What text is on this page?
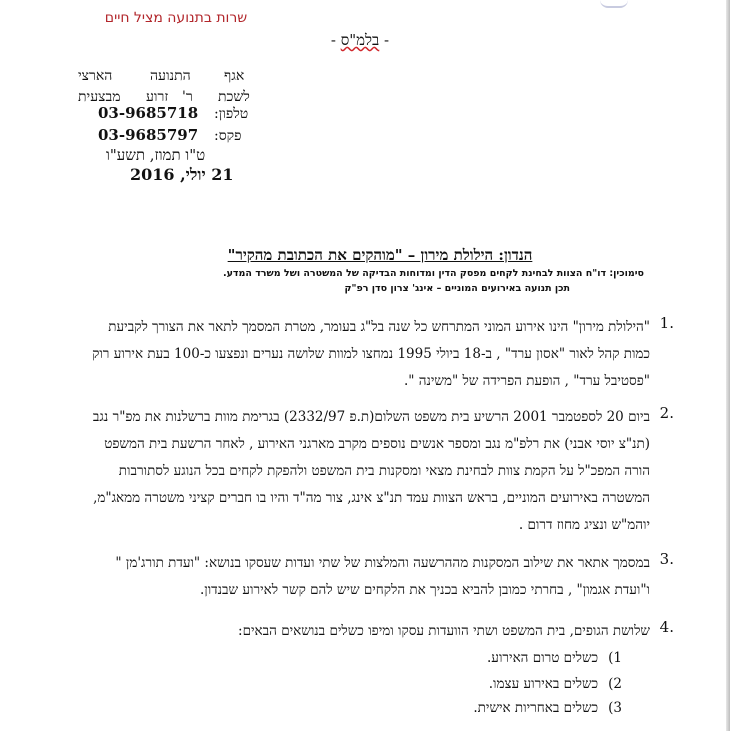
שרות בתנועה מציל חיים
- בלמ"ס -
אגף
התנועה
הארצי
לשכת
ר'
זרוע
מבצעית
טלפון:
03-9685718
פקס:
03-9685797
ט"ו תמוז, תשע"ו
21 יולי, 2016
הנדון: הילולת מירון – "מוהקים את הכתובת מהקיר"
סימוכין: דו"ח הצוות לבחינת לקחים מפסק הדין ומדוחות הבדיקה של המשטרה ושל משרד המדע.
תכן תנועה באירועים המוניים – אינג' צרון סדן רפ"ק
.1
"הילולת מירון" הינו אירוע המוני המתרחש כל שנה בל"ג בעומר, מטרת המסמך לתאר את הצורך לקביעת
כמות קהל לאור "אסון ערד" , ב-18 ביולי 1995 נמחצו למוות שלושה נערים ונפצעו כ-100 בעת אירוע רוק
"פסטיבל ערד" , הופעת הפרידה של "משינה ".
.2
ביום 20 לספטמבר 2001 הרשיע בית משפט השלום(ת.פ 2332/97) בגרימת מוות ברשלנות את מפ"ר נגב
(תנ"צ יוסי אבני) את רלפ"מ נגב ומספר אנשים נוספים מקרב מארגני האירוע , לאחר הרשעת בית המשפט
הורה המפכ"ל על הקמת צוות לבחינת מצאי ומסקנות בית המשפט ולהפקת לקחים בכל הנוגע לסתורבות
המשטרה באירועים המוניים, בראש הצוות עמד תנ"צ אינג, צור מה"ד והיו בו חברים קציני משטרה ממאג"מ,
יוהמ"ש ונציג מחוז דרום .
.3
במסמך אתאר את שילוב המסקנות מההרשעה והמלצות של שתי ועדות שעסקו בנושא: "ועדת תורג'מן "
ו"ועדת אגמון" , בחרתי כמובן להביא בכניך את הלקחים שיש להם קשר לאירוע שבנדון.
.4
שלושת הגופים, בית המשפט ושתי הוועדות עסקו ומיפו כשלים בנושאים הבאים:
1)כשלים טרום האירוע.
2)כשלים באירוע עצמו.
3)כשלים באחריות אישית.
